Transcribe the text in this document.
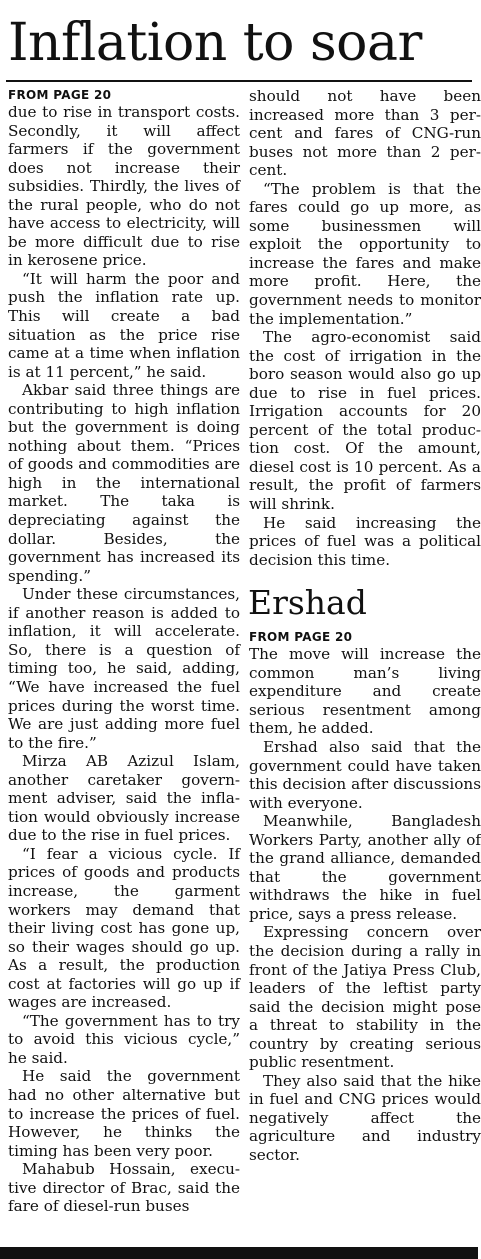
Inflation to soar
FROM PAGE 20

due to rise in transport costs. Secondly, it will affect farmers if the government does not increase their subsidies. Thirdly, the lives of the rural people, who do not have access to electricity, will be more difficult due to rise in kerosene price.

“It will harm the poor and push the inflation rate up. This will create a bad situation as the price rise came at a time when inflation is at 11 percent,” he said.

Akbar said three things are contributing to high inflation but the government is doing nothing about them. “Prices of goods and commodities are high in the international market. The taka is depreciating against the dollar. Besides, the government has increased its spending.”

Under these circumstances, if another reason is added to inflation, it will accelerate. So, there is a question of timing too, he said, adding, “We have increased the fuel prices during the worst time. We are just adding more fuel to the fire.”

Mirza AB Azizul Islam, another caretaker government adviser, said the inflation would obviously increase due to the rise in fuel prices.

“I fear a vicious cycle. If prices of goods and products increase, the garment workers may demand that their living cost has gone up, so their wages should go up. As a result, the production cost at factories will go up if wages are increased.

“The government has to try to avoid this vicious cycle,” he said.

He said the government had no other alternative but to increase the prices of fuel. However, he thinks the timing has been very poor.

Mahabub Hossain, executive director of Brac, said the fare of diesel-run buses

should not have been increased more than 3 percent and fares of CNG-run buses not more than 2 percent.

“The problem is that the fares could go up more, as some businessmen will exploit the opportunity to increase the fares and make more profit. Here, the government needs to monitor the implementation.”

The agro-economist said the cost of irrigation in the boro season would also go up due to rise in fuel prices. Irrigation accounts for 20 percent of the total production cost. Of the amount, diesel cost is 10 percent. As a result, the profit of farmers will shrink.

He said increasing the prices of fuel was a political decision this time.

Ershad
FROM PAGE 20

The move will increase the common man’s living expenditure and create serious resentment among them, he added.

Ershad also said that the government could have taken this decision after discussions with everyone.

Meanwhile, Bangladesh Workers Party, another ally of the grand alliance, demanded that the government withdraws the hike in fuel price, says a press release.

Expressing concern over the decision during a rally in front of the Jatiya Press Club, leaders of the leftist party said the decision might pose a threat to stability in the country by creating serious public resentment.

They also said that the hike in fuel and CNG prices would negatively affect the agriculture and industry sector.
